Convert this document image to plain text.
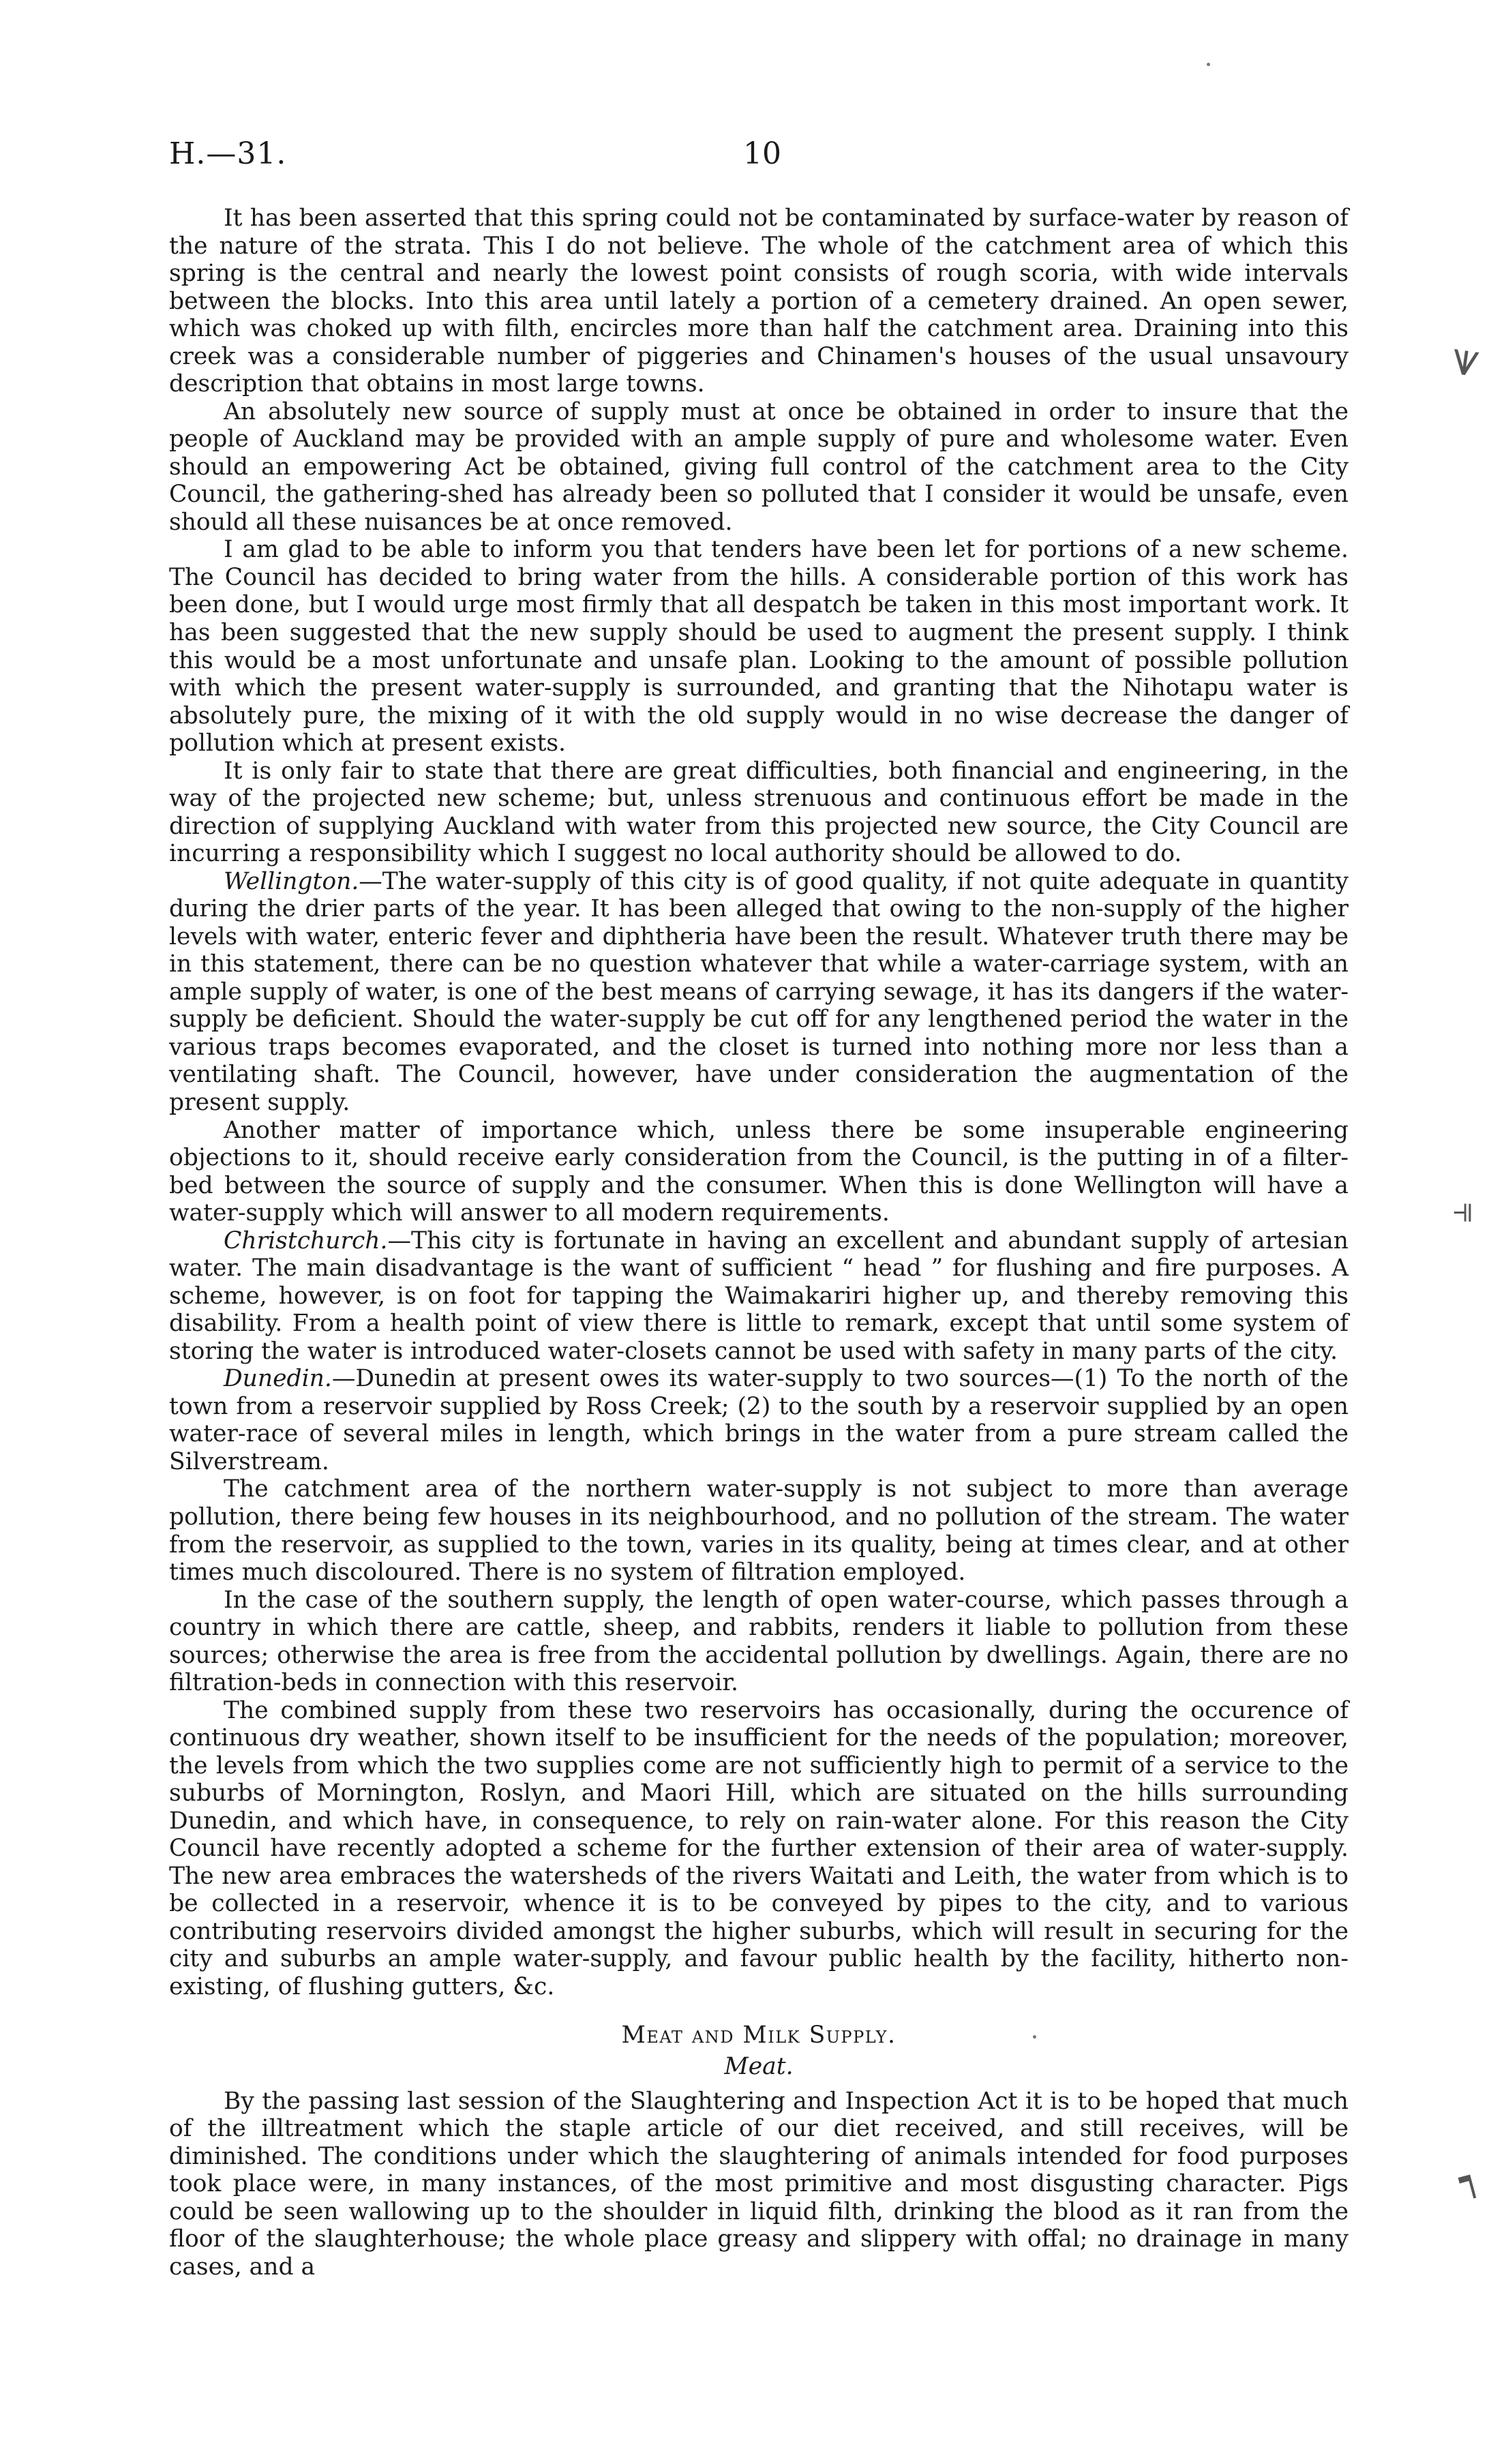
H.—31.	10

It has been asserted that this spring could not be contaminated by surface-water by reason of the nature of the strata. This I do not believe. The whole of the catchment area of which this spring is the central and nearly the lowest point consists of rough scoria, with wide intervals between the blocks. Into this area until lately a portion of a cemetery drained. An open sewer, which was choked up with filth, encircles more than half the catchment area. Draining into this creek was a considerable number of piggeries and Chinamen's houses of the usual unsavoury description that obtains in most large towns.

An absolutely new source of supply must at once be obtained in order to insure that the people of Auckland may be provided with an ample supply of pure and wholesome water. Even should an empowering Act be obtained, giving full control of the catchment area to the City Council, the gathering-shed has already been so polluted that I consider it would be unsafe, even should all these nuisances be at once removed.

I am glad to be able to inform you that tenders have been let for portions of a new scheme. The Council has decided to bring water from the hills. A considerable portion of this work has been done, but I would urge most firmly that all despatch be taken in this most important work. It has been suggested that the new supply should be used to augment the present supply. I think this would be a most unfortunate and unsafe plan. Looking to the amount of possible pollution with which the present water-supply is surrounded, and granting that the Nihotapu water is absolutely pure, the mixing of it with the old supply would in no wise decrease the danger of pollution which at present exists.

It is only fair to state that there are great difficulties, both financial and engineering, in the way of the projected new scheme; but, unless strenuous and continuous effort be made in the direction of supplying Auckland with water from this projected new source, the City Council are incurring a responsibility which I suggest no local authority should be allowed to do.

Wellington.—The water-supply of this city is of good quality, if not quite adequate in quantity during the drier parts of the year. It has been alleged that owing to the non-supply of the higher levels with water, enteric fever and diphtheria have been the result. Whatever truth there may be in this statement, there can be no question whatever that while a water-carriage system, with an ample supply of water, is one of the best means of carrying sewage, it has its dangers if the water-supply be deficient. Should the water-supply be cut off for any lengthened period the water in the various traps becomes evaporated, and the closet is turned into nothing more nor less than a ventilating shaft. The Council, however, have under consideration the augmentation of the present supply.

Another matter of importance which, unless there be some insuperable engineering objections to it, should receive early consideration from the Council, is the putting in of a filter-bed between the source of supply and the consumer. When this is done Wellington will have a water-supply which will answer to all modern requirements.

Christchurch.—This city is fortunate in having an excellent and abundant supply of artesian water. The main disadvantage is the want of sufficient “ head ” for flushing and fire purposes. A scheme, however, is on foot for tapping the Waimakariri higher up, and thereby removing this disability. From a health point of view there is little to remark, except that until some system of storing the water is introduced water-closets cannot be used with safety in many parts of the city.

Dunedin.—Dunedin at present owes its water-supply to two sources—(1) To the north of the town from a reservoir supplied by Ross Creek; (2) to the south by a reservoir supplied by an open water-race of several miles in length, which brings in the water from a pure stream called the Silverstream.

The catchment area of the northern water-supply is not subject to more than average pollution, there being few houses in its neighbourhood, and no pollution of the stream. The water from the reservoir, as supplied to the town, varies in its quality, being at times clear, and at other times much discoloured. There is no system of filtration employed.

In the case of the southern supply, the length of open water-course, which passes through a country in which there are cattle, sheep, and rabbits, renders it liable to pollution from these sources; otherwise the area is free from the accidental pollution by dwellings. Again, there are no filtration-beds in connection with this reservoir.

The combined supply from these two reservoirs has occasionally, during the occurence of continuous dry weather, shown itself to be insufficient for the needs of the population; moreover, the levels from which the two supplies come are not sufficiently high to permit of a service to the suburbs of Mornington, Roslyn, and Maori Hill, which are situated on the hills surrounding Dunedin, and which have, in consequence, to rely on rain-water alone. For this reason the City Council have recently adopted a scheme for the further extension of their area of water-supply. The new area embraces the watersheds of the rivers Waitati and Leith, the water from which is to be collected in a reservoir, whence it is to be conveyed by pipes to the city, and to various contributing reservoirs divided amongst the higher suburbs, which will result in securing for the city and suburbs an ample water-supply, and favour public health by the facility, hitherto non-existing, of flushing gutters, &c.

Meat and Milk Supply.

Meat.

By the passing last session of the Slaughtering and Inspection Act it is to be hoped that much of the illtreatment which the staple article of our diet received, and still receives, will be diminished. The conditions under which the slaughtering of animals intended for food purposes took place were, in many instances, of the most primitive and most disgusting character. Pigs could be seen wallowing up to the shoulder in liquid filth, drinking the blood as it ran from the floor of the slaughterhouse; the whole place greasy and slippery with offal; no drainage in many cases, and a

⩛
⫣
┑
